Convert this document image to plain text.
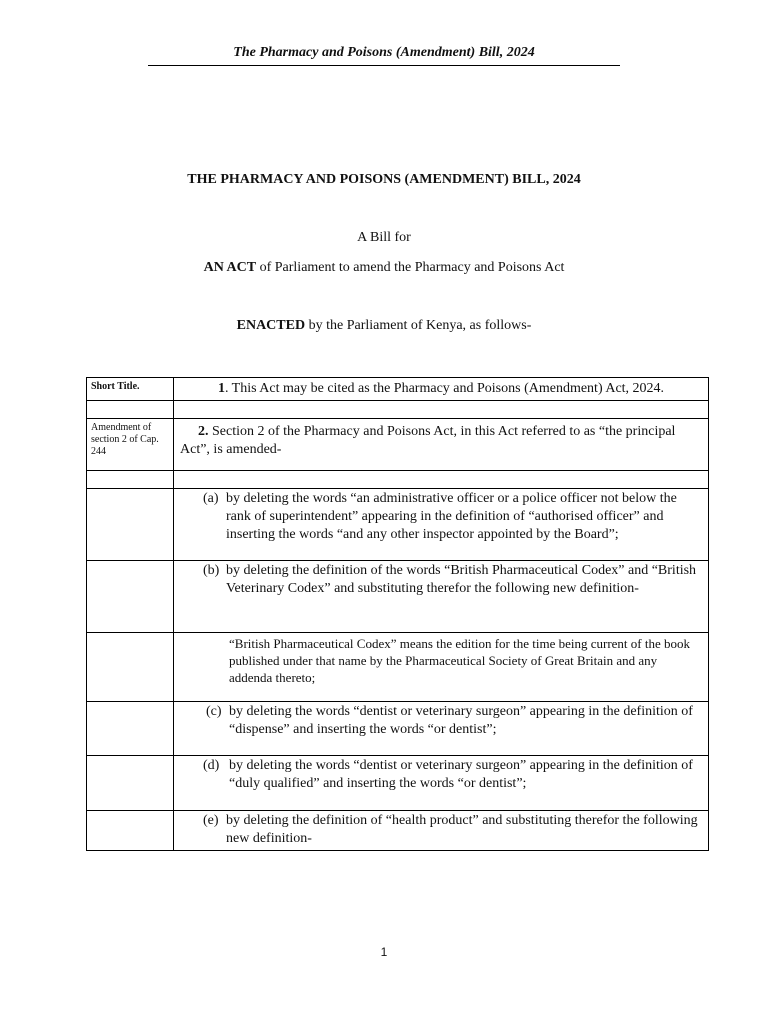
The Pharmacy and Poisons (Amendment) Bill, 2024
THE PHARMACY AND POISONS (AMENDMENT) BILL, 2024
A Bill for
AN ACT of Parliament to amend the Pharmacy and Poisons Act
ENACTED by the Parliament of Kenya, as follows-
Short Title.	1. This Act may be cited as the Pharmacy and Poisons (Amendment) Act, 2024.

Amendment of section 2 of Cap. 244	2. Section 2 of the Pharmacy and Poisons Act, in this Act referred to as “the principal Act”, is amended-

	(a) by deleting the words “an administrative officer or a police officer not below the rank of superintendent” appearing in the definition of “authorised officer” and inserting the words “and any other inspector appointed by the Board”;

	(b) by deleting the definition of the words “British Pharmaceutical Codex” and “British Veterinary Codex” and substituting therefor the following new definition-

	“British Pharmaceutical Codex” means the edition for the time being current of the book published under that name by the Pharmaceutical Society of Great Britain and any addenda thereto;

	(c) by deleting the words “dentist or veterinary surgeon” appearing in the definition of “dispense” and inserting the words “or dentist”;

	(d) by deleting the words “dentist or veterinary surgeon” appearing in the definition of “duly qualified” and inserting the words “or dentist”;

	(e) by deleting the definition of “health product” and substituting therefor the following new definition-
1
